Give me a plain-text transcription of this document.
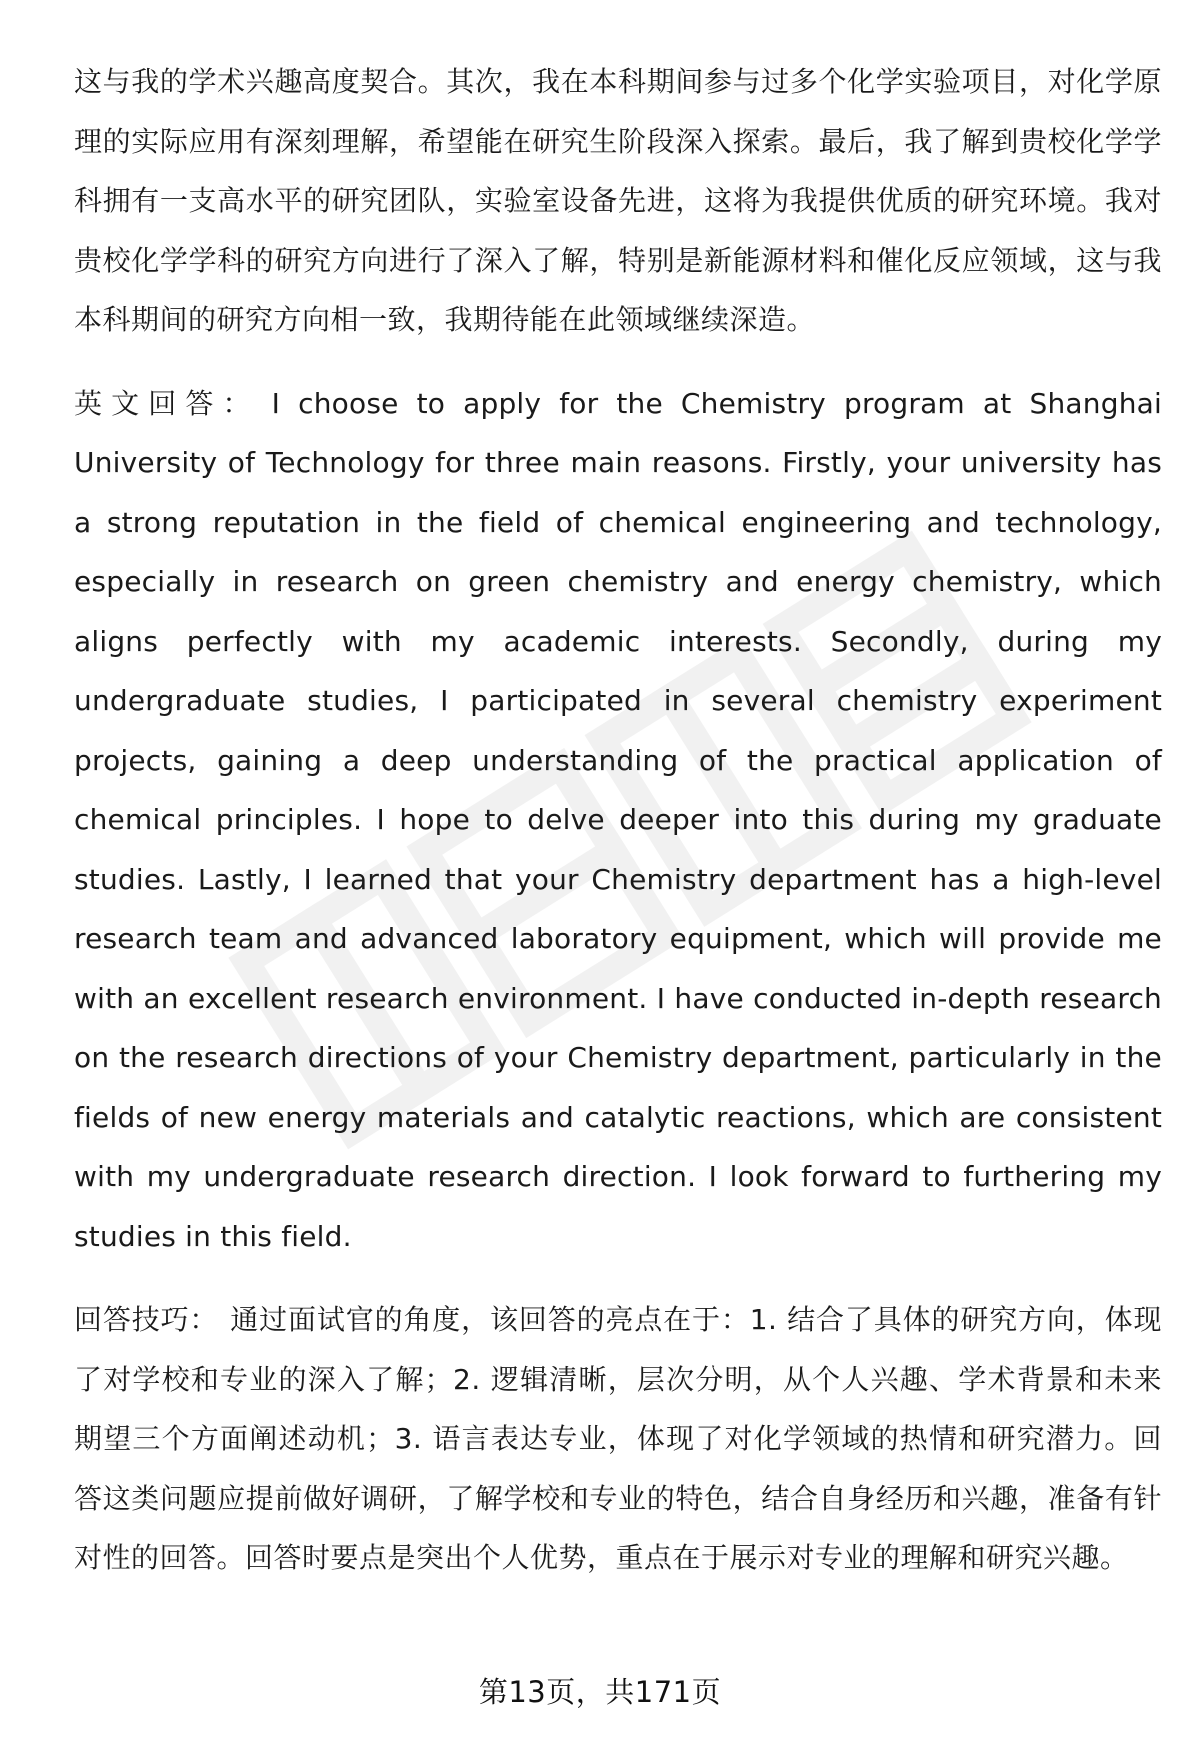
这与我的学术兴趣高度契合。其次，我在本科期间参与过多个化学实验项目，对化学原理的实际应用有深刻理解，希望能在研究生阶段深入探索。最后，我了解到贵校化学学科拥有一支高水平的研究团队，实验室设备先进，这将为我提供优质的研究环境。我对贵校化学学科的研究方向进行了深入了解，特别是新能源材料和催化反应领域，这与我本科期间的研究方向相一致，我期待能在此领域继续深造。

英文回答： I choose to apply for the Chemistry program at Shanghai University of Technology for three main reasons. Firstly, your university has a strong reputation in the field of chemical engineering and technology, especially in research on green chemistry and energy chemistry, which aligns perfectly with my academic interests. Secondly, during my undergraduate studies, I participated in several chemistry experiment projects, gaining a deep understanding of the practical application of chemical principles. I hope to delve deeper into this during my graduate studies. Lastly, I learned that your Chemistry department has a high-level research team and advanced laboratory equipment, which will provide me with an excellent research environment. I have conducted in-depth research on the research directions of your Chemistry department, particularly in the fields of new energy materials and catalytic reactions, which are consistent with my undergraduate research direction. I look forward to furthering my studies in this field.

回答技巧： 通过面试官的角度，该回答的亮点在于：1. 结合了具体的研究方向，体现了对学校和专业的深入了解；2. 逻辑清晰，层次分明，从个人兴趣、学术背景和未来期望三个方面阐述动机；3. 语言表达专业，体现了对化学领域的热情和研究潜力。回答这类问题应提前做好调研，了解学校和专业的特色，结合自身经历和兴趣，准备有针对性的回答。回答时要点是突出个人优势，重点在于展示对专业的理解和研究兴趣。

第13页，共171页
